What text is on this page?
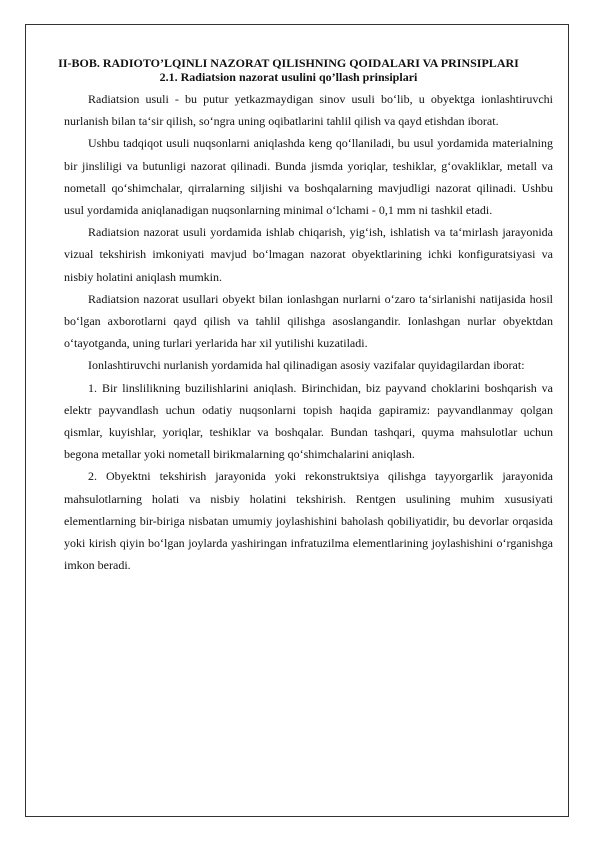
II-BOB. RADIOTO’LQINLI NAZORAT QILISHNING QOIDALARI VA PRINSIPLARI
2.1. Radiatsion nazorat usulini qo’llash prinsiplari

Radiatsion usuli - bu putur yetkazmaydigan sinov usuli bo‘lib, u obyektga ionlashtiruvchi nurlanish bilan ta‘sir qilish, so‘ngra uning oqibatlarini tahlil qilish va qayd etishdan iborat.

Ushbu tadqiqot usuli nuqsonlarni aniqlashda keng qo‘llaniladi, bu usul yordamida materialning bir jinsliligi va butunligi nazorat qilinadi. Bunda jismda yoriqlar, teshiklar, g‘ovakliklar, metall va nometall qo‘shimchalar, qirralarning siljishi va boshqalarning mavjudligi nazorat qilinadi. Ushbu usul yordamida aniqlanadigan nuqsonlarning minimal o‘lchami - 0,1 mm ni tashkil etadi.

Radiatsion nazorat usuli yordamida ishlab chiqarish, yig‘ish, ishlatish va ta‘mirlash jarayonida vizual tekshirish imkoniyati mavjud bo‘lmagan nazorat obyektlarining ichki konfiguratsiyasi va nisbiy holatini aniqlash mumkin.

Radiatsion nazorat usullari obyekt bilan ionlashgan nurlarni o‘zaro ta‘sirlanishi natijasida hosil bo‘lgan axborotlarni qayd qilish va tahlil qilishga asoslangandir. Ionlashgan nurlar obyektdan o‘tayotganda, uning turlari yerlarida har xil yutilishi kuzatiladi.

Ionlashtiruvchi nurlanish yordamida hal qilinadigan asosiy vazifalar quyidagilardan iborat:

1. Bir linslilikning buzilishlarini aniqlash. Birinchidan, biz payvand choklarini boshqarish va elektr payvandlash uchun odatiy nuqsonlarni topish haqida gapiramiz: payvandlanmay qolgan qismlar, kuyishlar, yoriqlar, teshiklar va boshqalar. Bundan tashqari, quyma mahsulotlar uchun begona metallar yoki nometall birikmalarning qo‘shimchalarini aniqlash.

2. Obyektni tekshirish jarayonida yoki rekonstruktsiya qilishga tayyorgarlik jarayonida mahsulotlarning holati va nisbiy holatini tekshirish. Rentgen usulining muhim xususiyati elementlarning bir-biriga nisbatan umumiy joylashishini baholash qobiliyatidir, bu devorlar orqasida yoki kirish qiyin bo‘lgan joylarda yashiringan infratuzilma elementlarining joylashishini o‘rganishga imkon beradi.
